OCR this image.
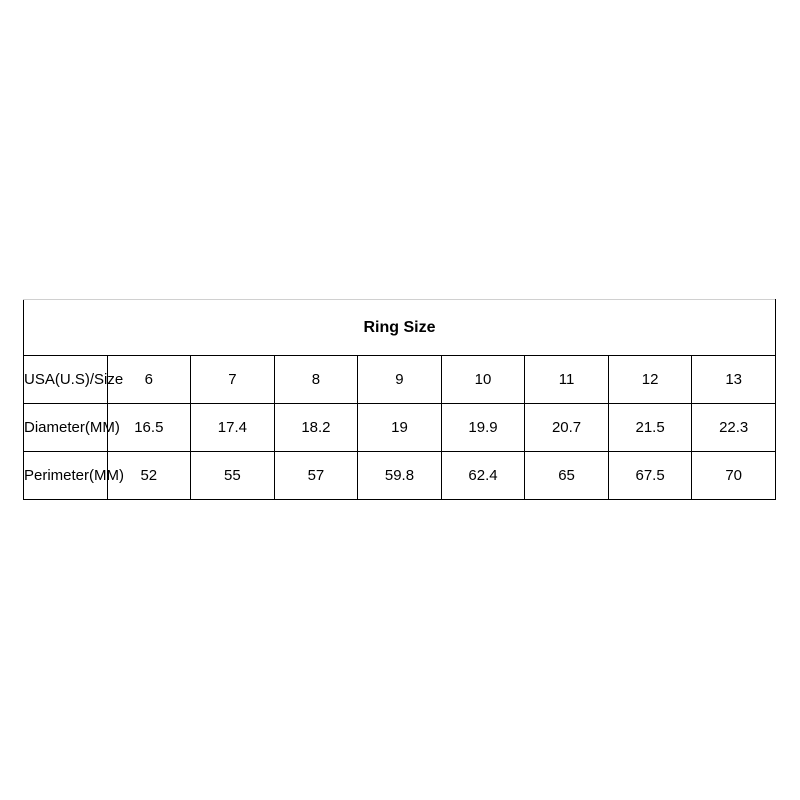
Ring Size								
USA(U.S)/Size	6	7	8	9	10	11	12	13
Diameter(MM)	16.5	17.4	18.2	19	19.9	20.7	21.5	22.3
Perimeter(MM)	52	55	57	59.8	62.4	65	67.5	70
